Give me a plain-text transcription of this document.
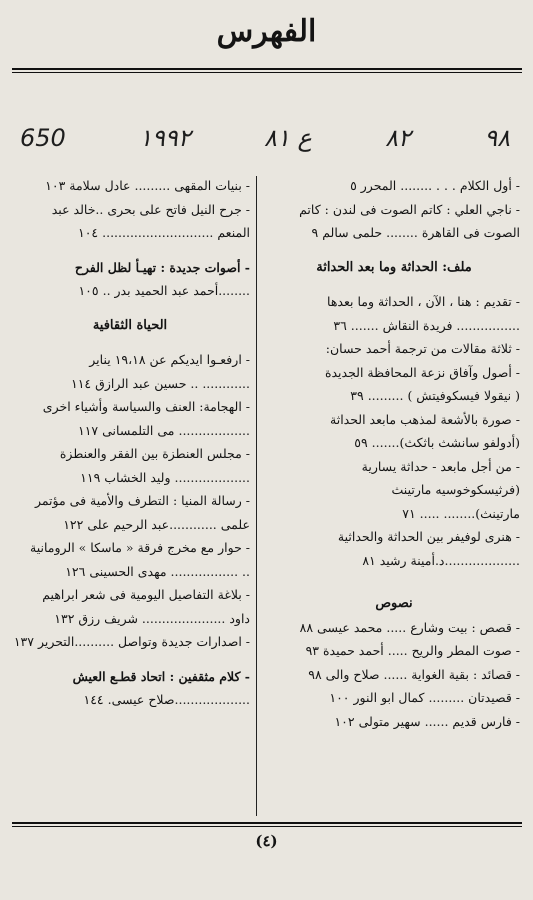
الفهرس
650	١٩٩٢	ع ٨١	٨٢	٩٨
- أول الكلام . . . ........ المحرر ٥
- ناجي العلي : كاتم الصوت فى لندن : كاتم
الصوت فى القاهرة ........ حلمى سالم ٩
ملف: الحداثة وما بعد الحداثة
- تقديم : هنا ، الآن ، الحداثة وما بعدها
................ فريدة النقاش ....... ٣٦
- ثلاثة مقالات من ترجمة أحمد حسان:
- أصول وآفاق نزعة المحافظة الجديدة
( نيقولا فيسكوفيتش ) ......... ٣٩
- صورة بالأشعة لمذهب مابعد الحداثة
(أدولفو سانشث باثكث)....... ٥٩
- من أجل مابعد - حداثة يسارية
(فرثيسكوخوسيه مارتينث
مارتينث)........ ..... ٧١
- هنرى لوفيفر بين الحداثة والحداثية
...................د.أمينة رشيد ٨١
نصوص
- قصص : بيت وشارع ..... محمد عيسى ٨٨
- صوت المطر والريح ..... أحمد حميدة ٩٣
- قصائد : بقية الغواية ...... صلاح والى ٩٨
- قصيدتان ......... كمال ابو النور ١٠٠
- فارس قديم ...... سهير متولى ١٠٢
- بنيات المقهى ......... عادل سلامة ١٠٣
- جرح النيل فاتح على بحرى ..خالد عبد
المنعم ............................ ١٠٤
- أصوات جديدة : تهيـأ لظل الفرح
........أحمد عبد الحميد بدر .. ١٠٥
الحياة الثقافية
- ارفعـوا ايديكم عن ١٩،١٨ يناير
............ .. حسين عبد الرازق ١١٤
- الهجامة: العنف والسياسة وأشياء اخرى
.................. مى التلمسانى ١١٧
- مجلس العنطزة بين الفقر والعنطزة
................... وليد الخشاب ١١٩
- رسالة المنيا : التطرف والأمية فى مؤتمر
علمى ............عبد الرحيم على ١٢٢
- حوار مع مخرج فرقة « ماسكا » الرومانية
.. ................. مهدى الحسينى ١٢٦
- بلاغة التفاصيل اليومية فى شعر ابراهيم
داود ..................... شريف رزق ١٣٢
- اصدارات جديدة وتواصل ..........التحرير ١٣٧
- كلام مثقفين : اتحاد قطـع العيش
...................صلاح عيسى. ١٤٤
(٤)
